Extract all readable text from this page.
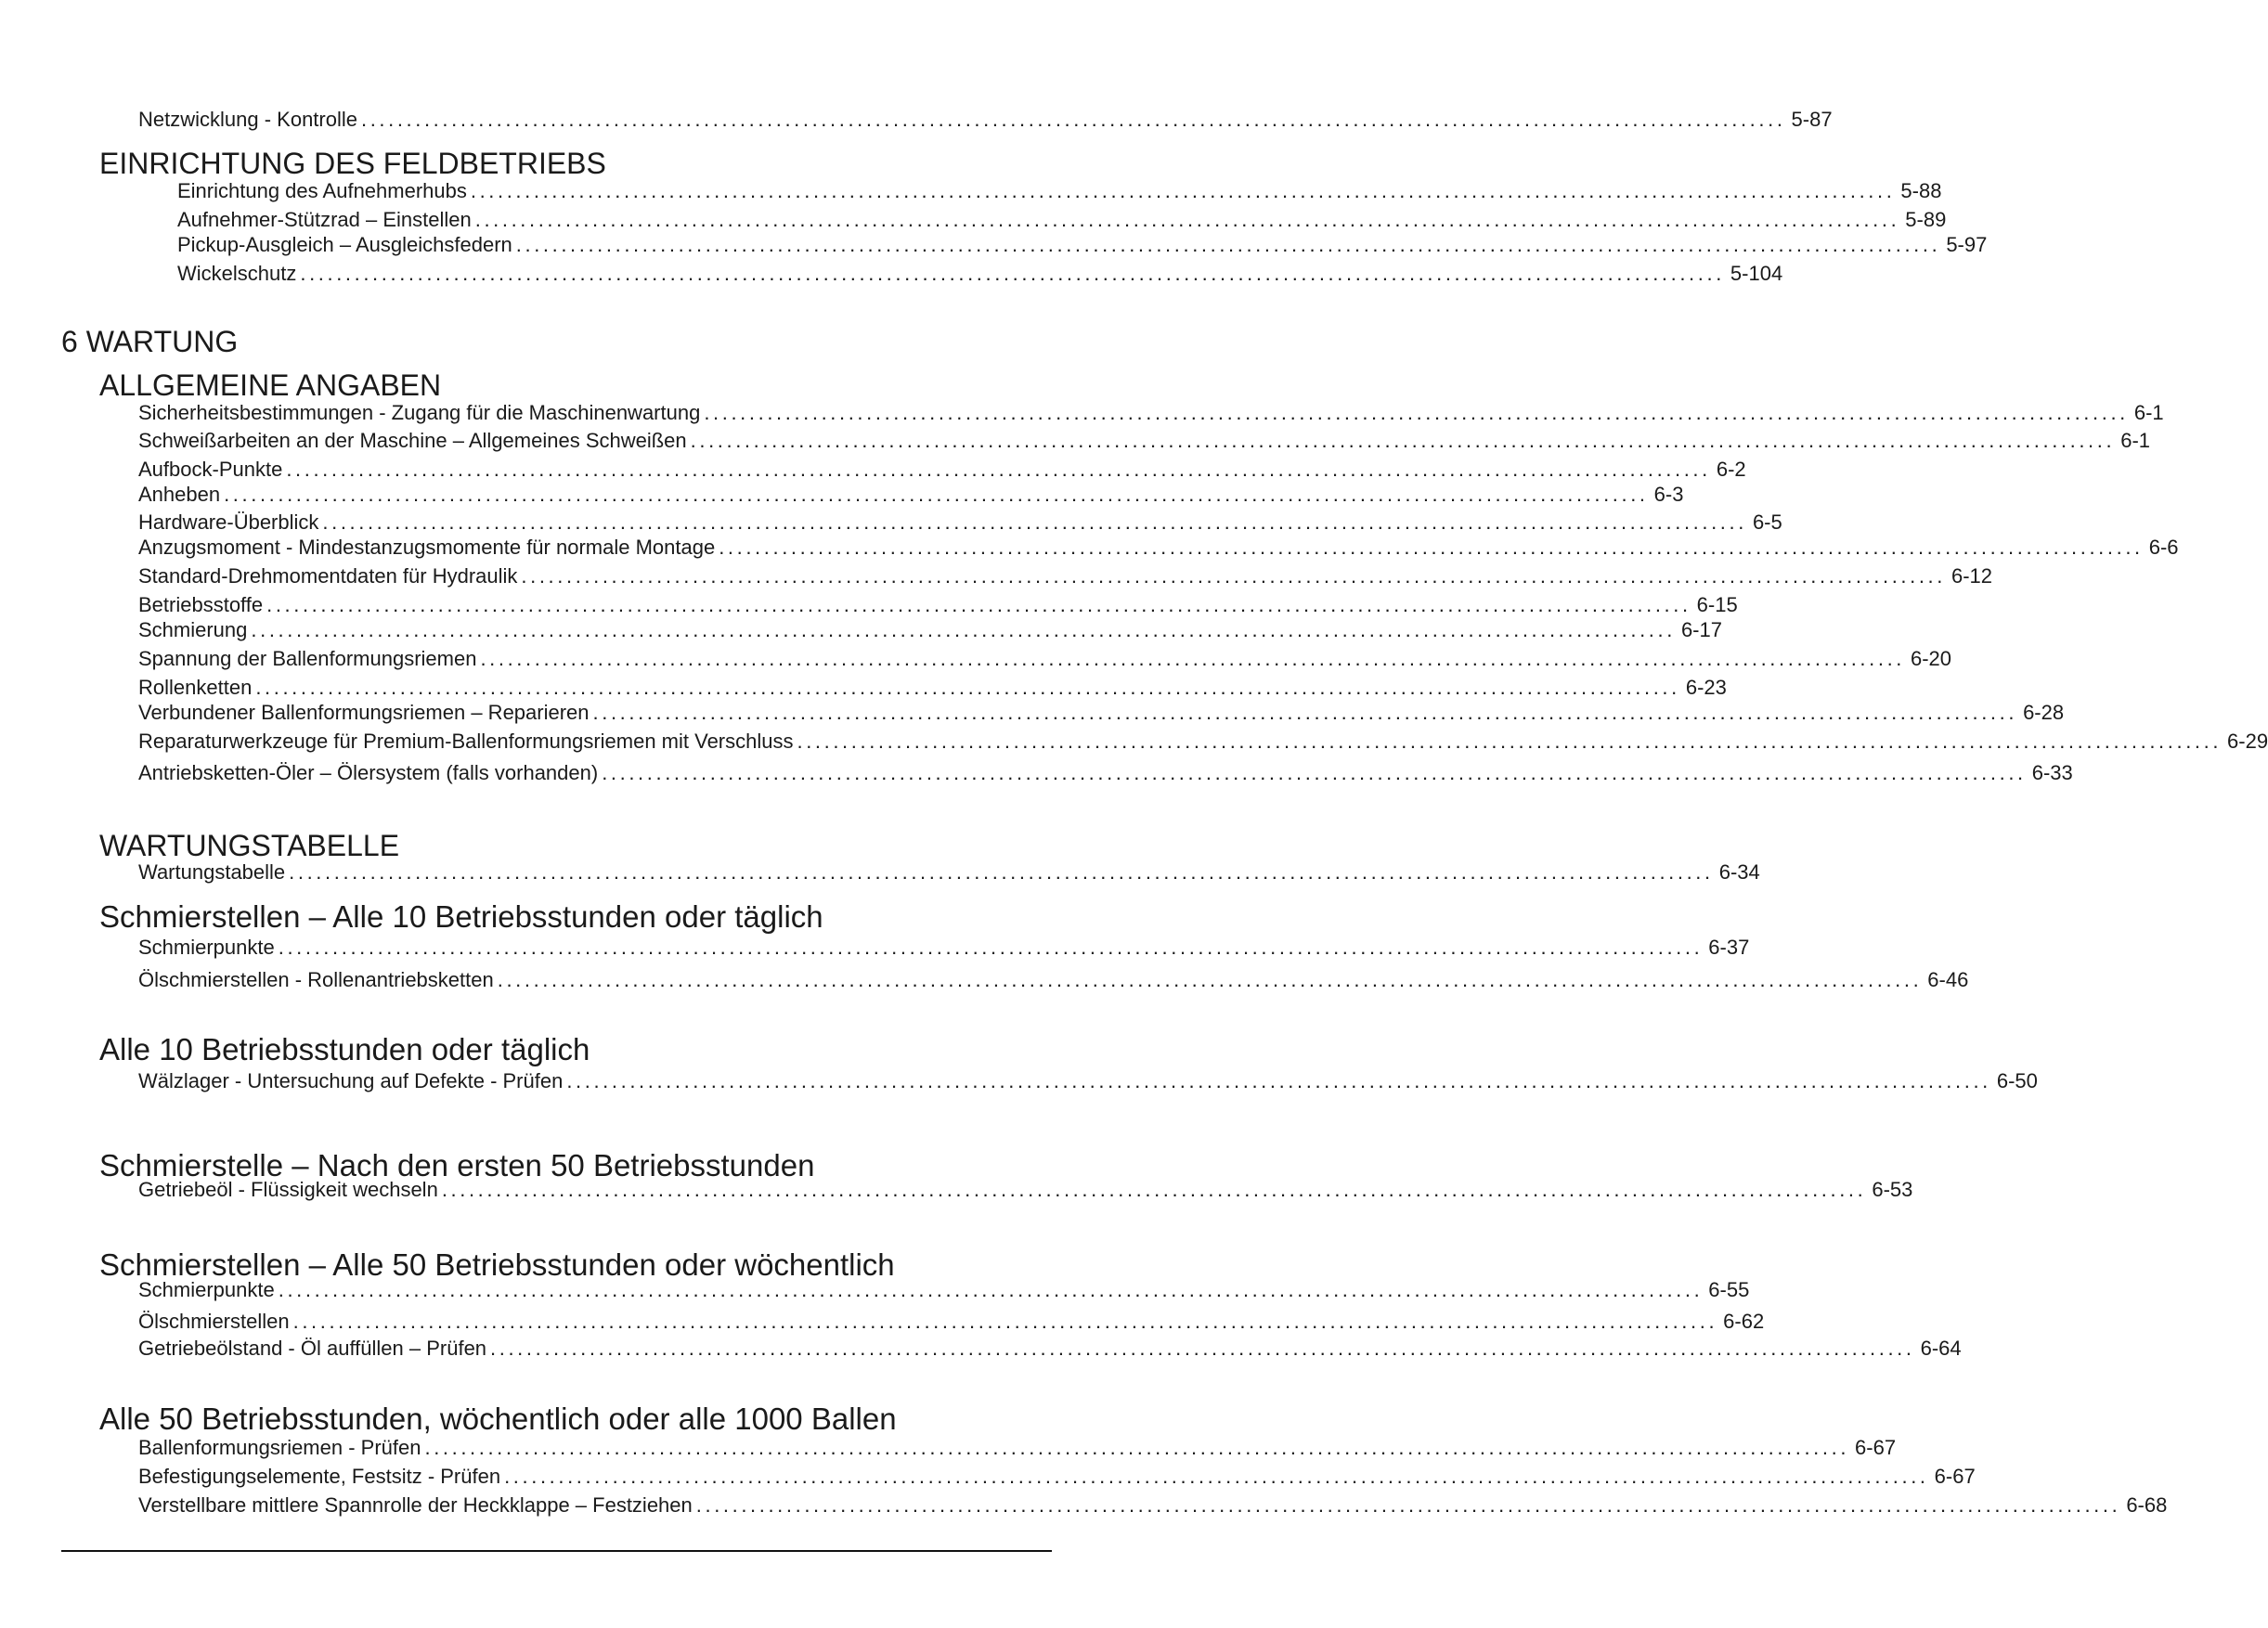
Netzwicklung - Kontrolle .............................................................................................................................................................. 5-87
EINRICHTUNG DES FELDBETRIEBS
Einrichtung des Aufnehmerhubs .............................................................................................................................................................. 5-88
Aufnehmer-Stützrad – Einstellen .............................................................................................................................................................. 5-89
Pickup-Ausgleich – Ausgleichsfedern .............................................................................................................................................................. 5-97
Wickelschutz .............................................................................................................................................................. 5-104
6 WARTUNG
ALLGEMEINE ANGABEN
Sicherheitsbestimmungen - Zugang für die Maschinenwartung .............................................................................................................................................................. 6-1
Schweißarbeiten an der Maschine – Allgemeines Schweißen .............................................................................................................................................................. 6-1
Aufbock-Punkte .............................................................................................................................................................. 6-2
Anheben .............................................................................................................................................................. 6-3
Hardware-Überblick .............................................................................................................................................................. 6-5
Anzugsmoment - Mindestanzugsmomente für normale Montage .............................................................................................................................................................. 6-6
Standard-Drehmomentdaten für Hydraulik .............................................................................................................................................................. 6-12
Betriebsstoffe .............................................................................................................................................................. 6-15
Schmierung .............................................................................................................................................................. 6-17
Spannung der Ballenformungsriemen .............................................................................................................................................................. 6-20
Rollenketten .............................................................................................................................................................. 6-23
Verbundener Ballenformungsriemen – Reparieren .............................................................................................................................................................. 6-28
Reparaturwerkzeuge für Premium-Ballenformungsriemen mit Verschluss .............................................................................................................................................................. 6-29
Antriebsketten-Öler – Ölersystem (falls vorhanden) .............................................................................................................................................................. 6-33
WARTUNGSTABELLE
Wartungstabelle .............................................................................................................................................................. 6-34
Schmierstellen – Alle 10 Betriebsstunden oder täglich
Schmierpunkte .............................................................................................................................................................. 6-37
Ölschmierstellen - Rollenantriebsketten .............................................................................................................................................................. 6-46
Alle 10 Betriebsstunden oder täglich
Wälzlager - Untersuchung auf Defekte - Prüfen .............................................................................................................................................................. 6-50
Schmierstelle – Nach den ersten 50 Betriebsstunden
Getriebeöl - Flüssigkeit wechseln .............................................................................................................................................................. 6-53
Schmierstellen – Alle 50 Betriebsstunden oder wöchentlich
Schmierpunkte .............................................................................................................................................................. 6-55
Ölschmierstellen .............................................................................................................................................................. 6-62
Getriebeölstand - Öl auffüllen – Prüfen .............................................................................................................................................................. 6-64
Alle 50 Betriebsstunden, wöchentlich oder alle 1000 Ballen
Ballenformungsriemen - Prüfen .............................................................................................................................................................. 6-67
Befestigungselemente, Festsitz - Prüfen .............................................................................................................................................................. 6-67
Verstellbare mittlere Spannrolle der Heckklappe – Festziehen .............................................................................................................................................................. 6-68
